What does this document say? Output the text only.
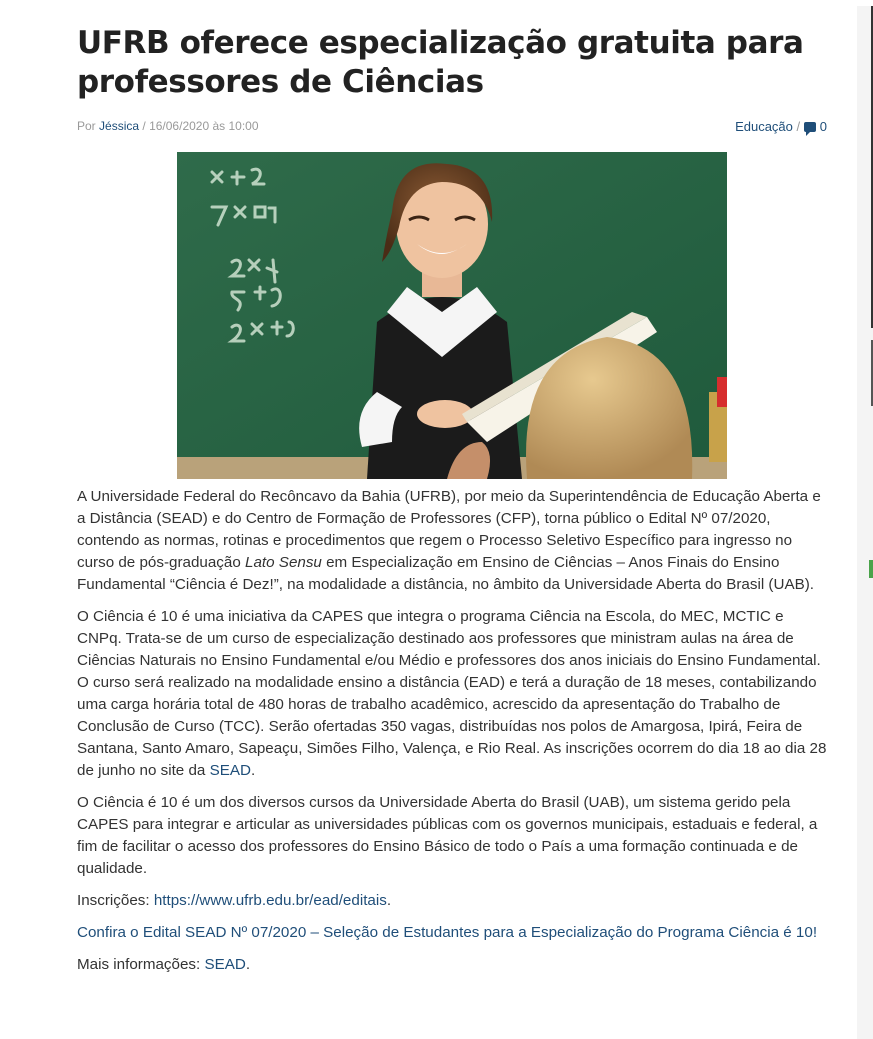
UFRB oferece especialização gratuita para professores de Ciências
Por Jéssica / 16/06/2020 às 10:00	Educação / 0

A Universidade Federal do Recôncavo da Bahia (UFRB), por meio da Superintendência de Educação Aberta e a Distância (SEAD) e do Centro de Formação de Professores (CFP), torna público o Edital Nº 07/2020, contendo as normas, rotinas e procedimentos que regem o Processo Seletivo Específico para ingresso no curso de pós-graduação Lato Sensu em Especialização em Ensino de Ciências – Anos Finais do Ensino Fundamental “Ciência é Dez!”, na modalidade a distância, no âmbito da Universidade Aberta do Brasil (UAB).

O Ciência é 10 é uma iniciativa da CAPES que integra o programa Ciência na Escola, do MEC, MCTIC e CNPq. Trata-se de um curso de especialização destinado aos professores que ministram aulas na área de Ciências Naturais no Ensino Fundamental e/ou Médio e professores dos anos iniciais do Ensino Fundamental. O curso será realizado na modalidade ensino a distância (EAD) e terá a duração de 18 meses, contabilizando uma carga horária total de 480 horas de trabalho acadêmico, acrescido da apresentação do Trabalho de Conclusão de Curso (TCC). Serão ofertadas 350 vagas, distribuídas nos polos de Amargosa, Ipirá, Feira de Santana, Santo Amaro, Sapeaçu, Simões Filho, Valença, e Rio Real. As inscrições ocorrem do dia 18 ao dia 28 de junho no site da SEAD.

O Ciência é 10 é um dos diversos cursos da Universidade Aberta do Brasil (UAB), um sistema gerido pela CAPES para integrar e articular as universidades públicas com os governos municipais, estaduais e federal, a fim de facilitar o acesso dos professores do Ensino Básico de todo o País a uma formação continuada e de qualidade.

Inscrições: https://www.ufrb.edu.br/ead/editais.

Confira o Edital SEAD Nº 07/2020 – Seleção de Estudantes para a Especialização do Programa Ciência é 10!

Mais informações: SEAD.
